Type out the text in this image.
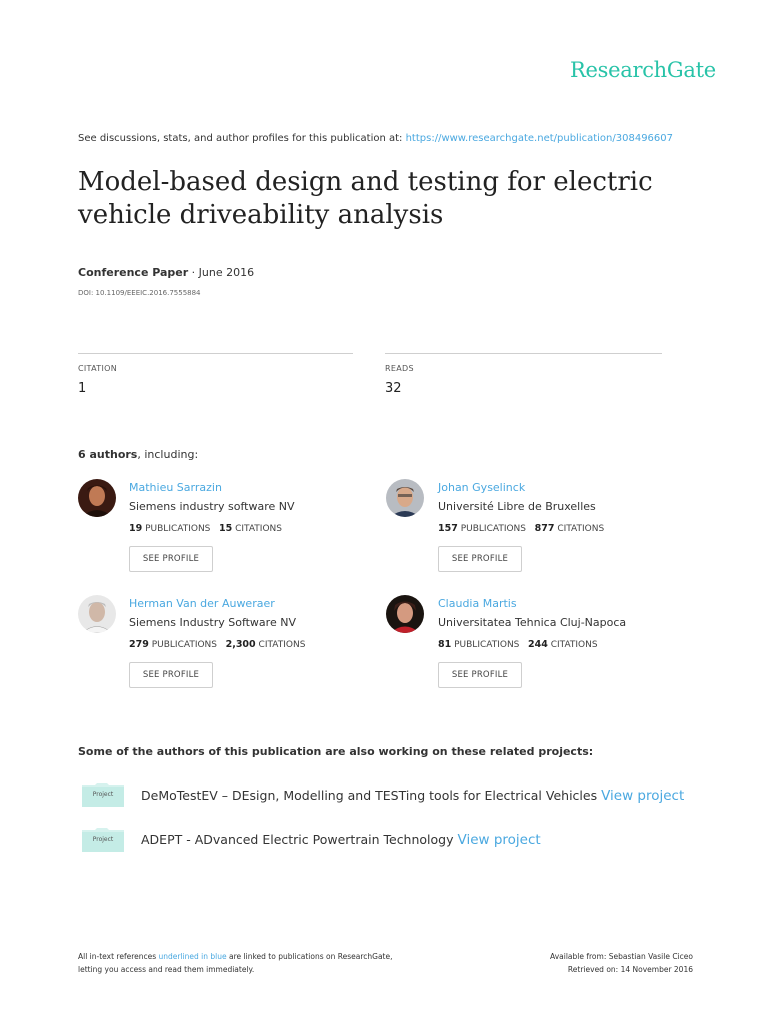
ResearchGate
See discussions, stats, and author profiles for this publication at: https://www.researchgate.net/publication/308496607
Model-based design and testing for electric vehicle driveability analysis
Conference Paper · June 2016
DOI: 10.1109/EEEIC.2016.7555884
CITATION
1
READS
32
6 authors, including:
Mathieu Sarrazin
Siemens industry software NV
19 PUBLICATIONS 15 CITATIONS
SEE PROFILE
Johan Gyselinck
Université Libre de Bruxelles
157 PUBLICATIONS 877 CITATIONS
SEE PROFILE
Herman Van der Auweraer
Siemens Industry Software NV
279 PUBLICATIONS 2,300 CITATIONS
SEE PROFILE
Claudia Martis
Universitatea Tehnica Cluj-Napoca
81 PUBLICATIONS 244 CITATIONS
SEE PROFILE
Some of the authors of this publication are also working on these related projects:
Project	DeMoTestEV – DEsign, Modelling and TESTing tools for Electrical Vehicles View project
Project	ADEPT - ADvanced Electric Powertrain Technology View project
All in-text references underlined in blue are linked to publications on ResearchGate,
letting you access and read them immediately.
Available from: Sebastian Vasile Ciceo
Retrieved on: 14 November 2016
